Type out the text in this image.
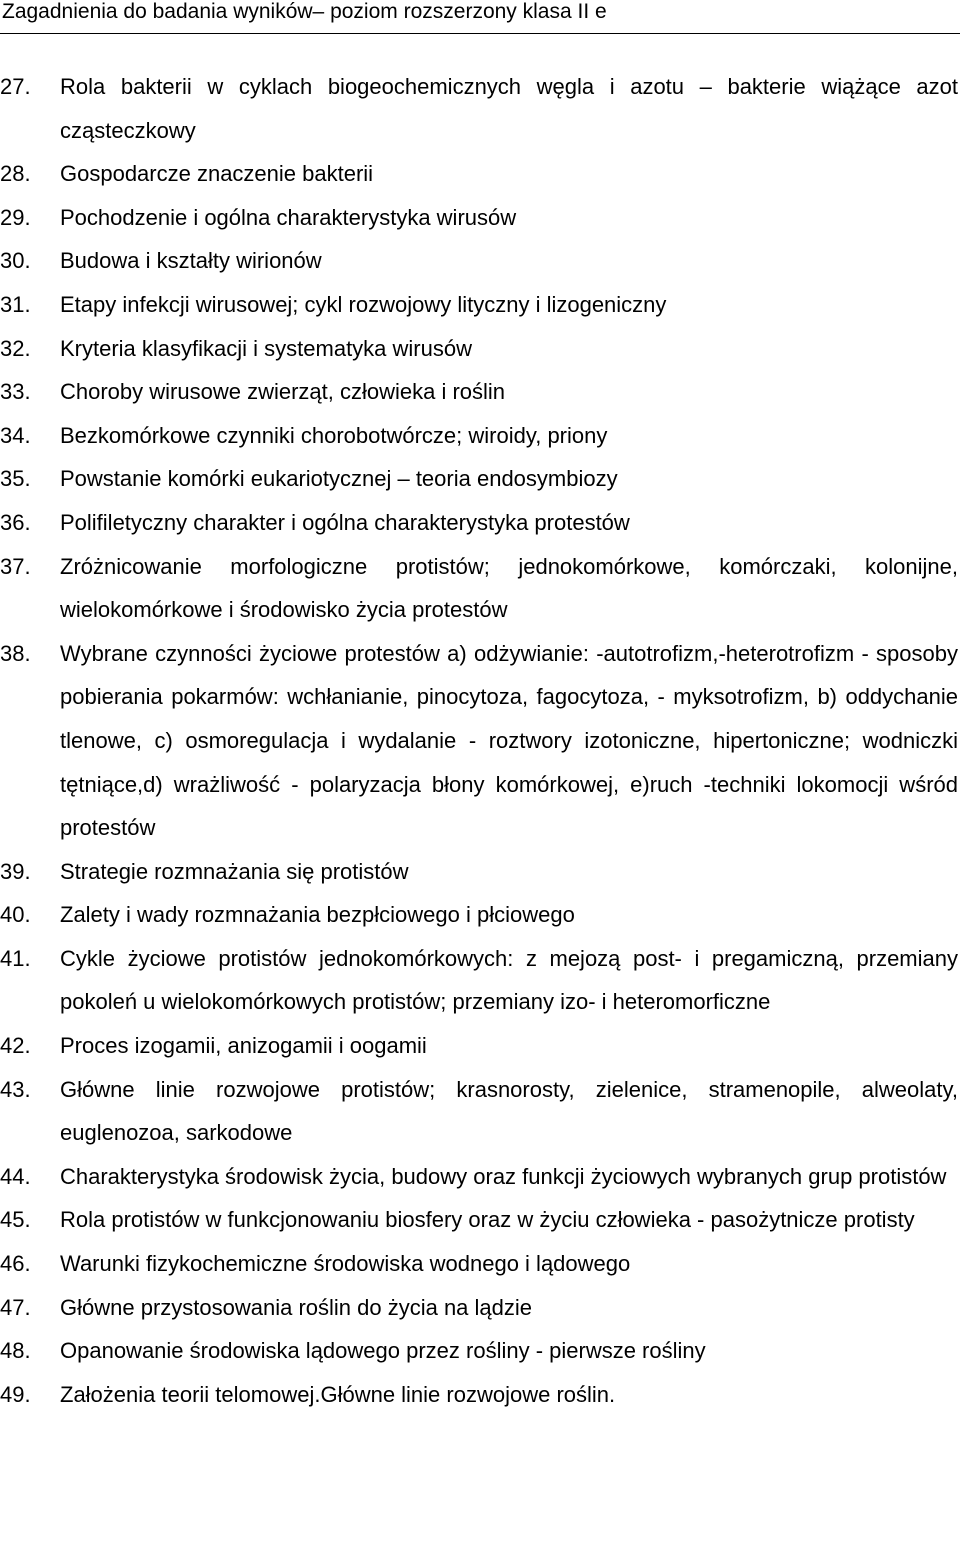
Zagadnienia do badania wyników– poziom rozszerzony klasa II e
27.	Rola bakterii w cyklach biogeochemicznych węgla i azotu – bakterie wiążące azot cząsteczkowy
28.	Gospodarcze znaczenie bakterii
29.	Pochodzenie i ogólna charakterystyka wirusów
30.	Budowa i kształty wirionów
31.	Etapy infekcji wirusowej; cykl rozwojowy lityczny i lizogeniczny
32.	Kryteria klasyfikacji i systematyka wirusów
33.	Choroby wirusowe zwierząt, człowieka i roślin
34.	Bezkomórkowe czynniki chorobotwórcze; wiroidy, priony
35.	Powstanie komórki eukariotycznej – teoria endosymbiozy
36.	Polifiletyczny charakter i ogólna charakterystyka protestów
37.	Zróżnicowanie morfologiczne protistów; jednokomórkowe, komórczaki, kolonijne, wielokomórkowe i środowisko życia protestów
38.	Wybrane czynności życiowe protestów a) odżywianie: -autotrofizm,-heterotrofizm - sposoby pobierania pokarmów: wchłanianie, pinocytoza, fagocytoza, - myksotrofizm, b) oddychanie tlenowe, c) osmoregulacja i wydalanie - roztwory izotoniczne, hipertoniczne; wodniczki tętniące,d) wrażliwość - polaryzacja błony komórkowej, e)ruch -techniki lokomocji wśród protestów
39.	Strategie rozmnażania się protistów
40.	Zalety i wady rozmnażania bezpłciowego i płciowego
41.	Cykle życiowe protistów jednokomórkowych: z mejozą post- i pregamiczną, przemiany pokoleń u wielokomórkowych protistów; przemiany izo- i heteromorficzne
42.	Proces izogamii, anizogamii i oogamii
43.	Główne linie rozwojowe protistów; krasnorosty, zielenice, stramenopile, alweolaty, euglenozoa, sarkodowe
44.	Charakterystyka środowisk życia, budowy oraz funkcji życiowych wybranych grup protistów
45.	Rola protistów w funkcjonowaniu biosfery oraz w życiu człowieka - pasożytnicze protisty
46.	Warunki fizykochemiczne środowiska wodnego i lądowego
47.	Główne przystosowania roślin do życia na lądzie
48.	Opanowanie środowiska lądowego przez rośliny - pierwsze rośliny
49.	Założenia teorii telomowej.Główne linie rozwojowe roślin.
